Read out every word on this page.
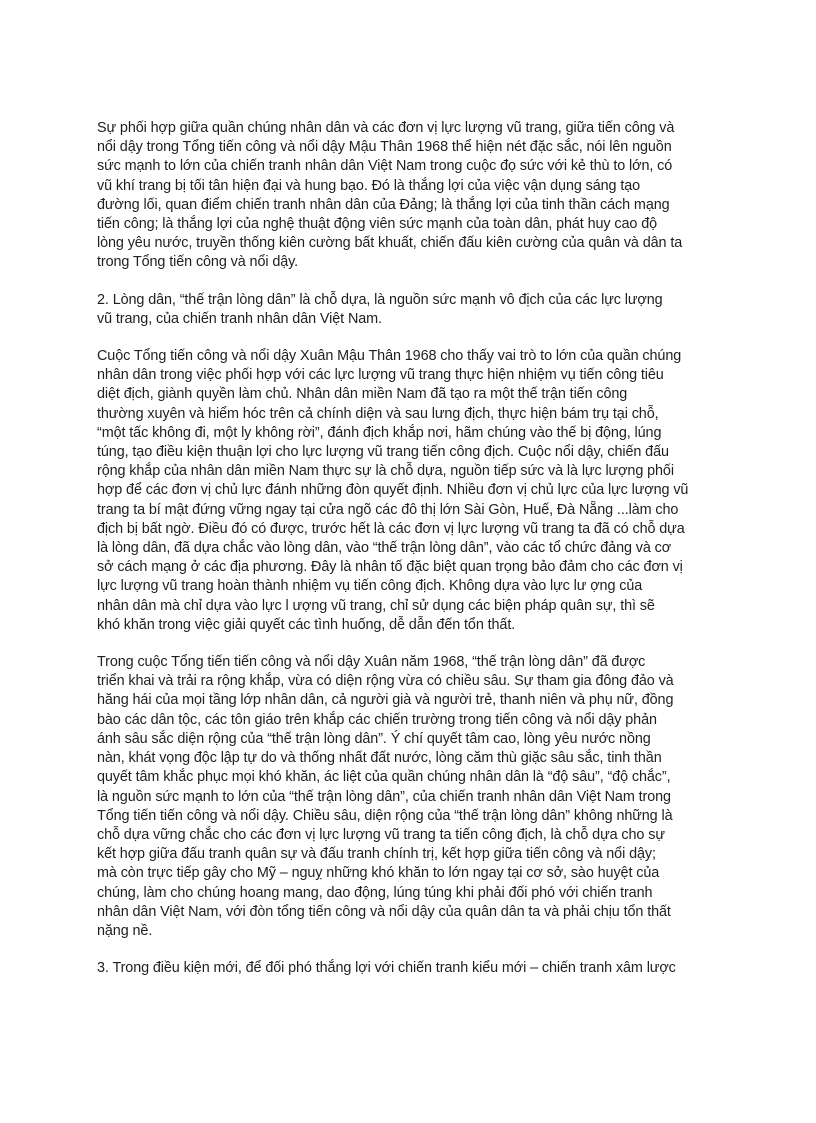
Sự phối hợp giữa quần chúng nhân dân và các đơn vị lực lượng vũ trang, giữa tiến công và
nổi dậy trong Tổng tiến công và nổi dậy Mậu Thân 1968 thể hiện nét đặc sắc, nói lên nguồn
sức mạnh to lớn của chiến tranh nhân dân Việt Nam trong cuộc đọ sức với kẻ thù to lớn, có
vũ khí trang bị tối tân hiện đại và hung bạo. Đó là thắng lợi của việc vận dụng sáng tạo
đường lối, quan điểm chiến tranh nhân dân của Đảng; là thắng lợi của tinh thần cách mạng
tiến công; là thắng lợi của nghệ thuật động viên sức mạnh của toàn dân, phát huy cao độ
lòng yêu nước, truyền thống kiên cường bất khuất, chiến đấu kiên cường của quân và dân ta
trong Tổng tiến công và nổi dậy.

2. Lòng dân, “thế trận lòng dân” là chỗ dựa, là nguồn sức mạnh vô địch của các lực lượng
vũ trang, của chiến tranh nhân dân Việt Nam.

Cuộc Tổng tiến công và nổi dậy Xuân Mậu Thân 1968 cho thấy vai trò to lớn của quần chúng
nhân dân trong việc phối hợp với các lực lượng vũ trang thực hiện nhiệm vụ tiến công tiêu
diệt địch, giành quyền làm chủ. Nhân dân miền Nam đã tạo ra một thế trận tiến công
thường xuyên và hiểm hóc trên cả chính diện và sau lưng địch, thực hiện bám trụ tại chỗ,
“một tấc không đi, một ly không rời”, đánh địch khắp nơi, hãm chúng vào thế bị động, lúng
túng, tạo điều kiện thuận lợi cho lực lượng vũ trang tiến công địch. Cuộc nổi dậy, chiến đấu
rộng khắp của nhân dân miền Nam thực sự là chỗ dựa, nguồn tiếp sức và là lực lượng phối
hợp để các đơn vị chủ lực đánh những đòn quyết định. Nhiều đơn vị chủ lực của lực lượng vũ
trang ta bí mật đứng vững ngay tại cửa ngõ các đô thị lớn Sài Gòn, Huế, Đà Nẵng ...làm cho
địch bị bất ngờ. Điều đó có được, trước hết là các đơn vị lực lượng vũ trang ta đã có chỗ dựa
là lòng dân, đã dựa chắc vào lòng dân, vào “thế trận lòng dân”, vào các tổ chức đảng và cơ
sở cách mạng ở các địa phương. Đây là nhân tố đặc biệt quan trọng bảo đảm cho các đơn vị
lực lượng vũ trang hoàn thành nhiệm vụ tiến công địch. Không dựa vào lực lư ợng của
nhân dân mà chỉ dựa vào lực l ượng vũ trang, chỉ sử dụng các biện pháp quân sự, thì sẽ
khó khăn trong việc giải quyết các tình huống, dễ dẫn đến tổn thất.

Trong cuộc Tổng tiến tiến công và nổi dậy Xuân năm 1968, “thế trận lòng dân” đã được
triển khai và trải ra rộng khắp, vừa có diện rộng vừa có chiều sâu. Sự tham gia đông đảo và
hăng hái của mọi tầng lớp nhân dân, cả người già và người trẻ, thanh niên và phụ nữ, đồng
bào các dân tộc, các tôn giáo trên khắp các chiến trường trong tiến công và nổi dậy phản
ánh sâu sắc diện rộng của “thế trận lòng dân”. Ý chí quyết tâm cao, lòng yêu nước nồng
nàn, khát vọng độc lập tự do và thống nhất đất nước, lòng căm thù giặc sâu sắc, tinh thần
quyết tâm khắc phục mọi khó khăn, ác liệt của quần chúng nhân dân là “độ sâu”, “độ chắc”,
là nguồn sức mạnh to lớn của “thế trận lòng dân”, của chiến tranh nhân dân Việt Nam trong
Tổng tiến tiến công và nổi dậy. Chiều sâu, diện rộng của “thế trận lòng dân” không những là
chỗ dựa vững chắc cho các đơn vị lực lượng vũ trang ta tiến công địch, là chỗ dựa cho sự
kết hợp giữa đấu tranh quân sự và đấu tranh chính trị, kết hợp giữa tiến công và nổi dậy;
mà còn trực tiếp gây cho Mỹ – nguỵ những khó khăn to lớn ngay tại cơ sở, sào huyệt của
chúng, làm cho chúng hoang mang, dao động, lúng túng khi phải đối phó với chiến tranh
nhân dân Việt Nam, với đòn tổng tiến công và nổi dậy của quân dân ta và phải chịu tổn thất
nặng nề.

3. Trong điều kiện mới, để đối phó thắng lợi với chiến tranh kiểu mới – chiến tranh xâm lược
